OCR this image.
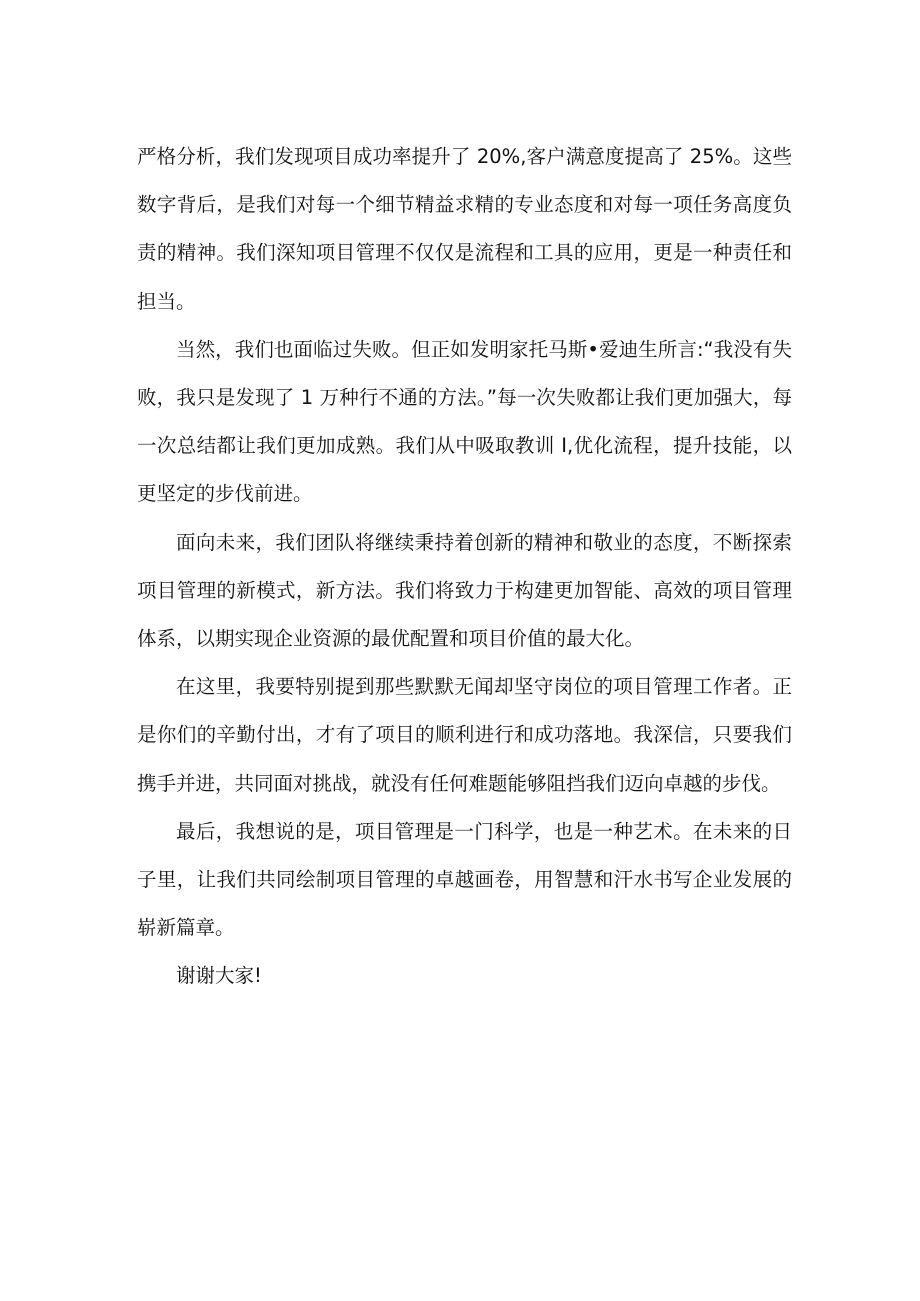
严格分析，我们发现项目成功率提升了 20%,客户满意度提高了 25%。这些数字背后，是我们对每一个细节精益求精的专业态度和对每一项任务高度负责的精神。我们深知项目管理不仅仅是流程和工具的应用，更是一种责任和担当。

当然，我们也面临过失败。但正如发明家托马斯•爱迪生所言:“我没有失败，我只是发现了 1 万种行不通的方法。”每一次失败都让我们更加强大，每一次总结都让我们更加成熟。我们从中吸取教训 I,优化流程，提升技能，以更坚定的步伐前进。

面向未来，我们团队将继续秉持着创新的精神和敬业的态度，不断探索项目管理的新模式，新方法。我们将致力于构建更加智能、高效的项目管理体系，以期实现企业资源的最优配置和项目价值的最大化。

在这里，我要特别提到那些默默无闻却坚守岗位的项目管理工作者。正是你们的辛勤付出，才有了项目的顺利进行和成功落地。我深信，只要我们携手并进，共同面对挑战，就没有任何难题能够阻挡我们迈向卓越的步伐。

最后，我想说的是，项目管理是一门科学，也是一种艺术。在未来的日子里，让我们共同绘制项目管理的卓越画卷，用智慧和汗水书写企业发展的崭新篇章。

谢谢大家!
